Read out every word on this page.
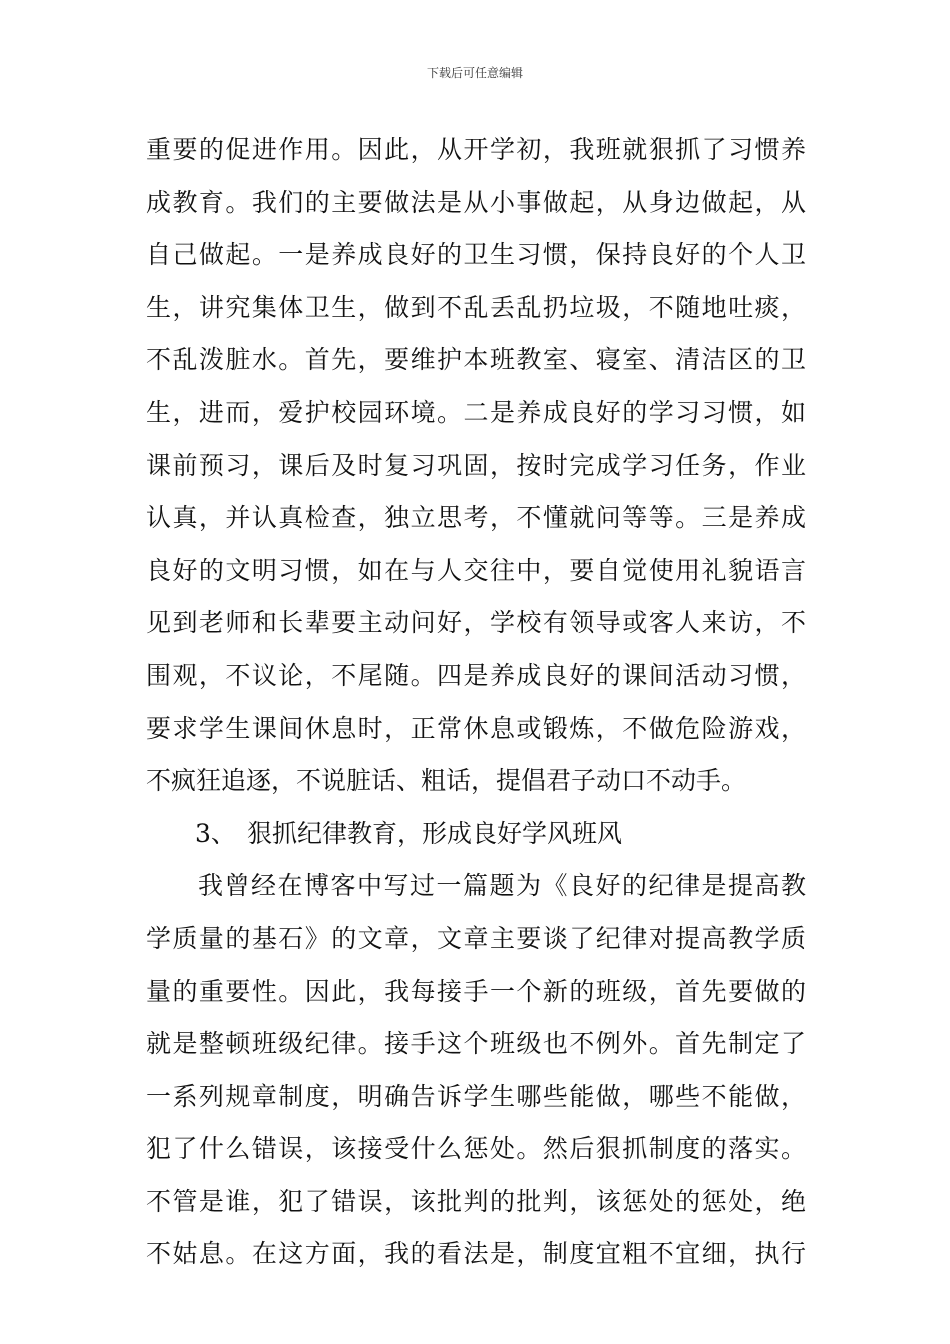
下载后可任意编辑
重要的促进作用。因此，从开学初，我班就狠抓了习惯养
成教育。我们的主要做法是从小事做起，从身边做起，从
自己做起。一是养成良好的卫生习惯，保持良好的个人卫
生，讲究集体卫生，做到不乱丢乱扔垃圾，不随地吐痰，
不乱泼脏水。首先，要维护本班教室、寝室、清洁区的卫
生，进而，爱护校园环境。二是养成良好的学习习惯，如
课前预习，课后及时复习巩固，按时完成学习任务，作业
认真，并认真检查，独立思考，不懂就问等等。三是养成
良好的文明习惯，如在与人交往中，要自觉使用礼貌语言
见到老师和长辈要主动问好，学校有领导或客人来访，不
围观，不议论，不尾随。四是养成良好的课间活动习惯，
要求学生课间休息时，正常休息或锻炼，不做危险游戏，
不疯狂追逐，不说脏话、粗话，提倡君子动口不动手。
3、 狠抓纪律教育，形成良好学风班风
我曾经在博客中写过一篇题为《良好的纪律是提高教
学质量的基石》的文章，文章主要谈了纪律对提高教学质
量的重要性。因此，我每接手一个新的班级，首先要做的
就是整顿班级纪律。接手这个班级也不例外。首先制定了
一系列规章制度，明确告诉学生哪些能做，哪些不能做，
犯了什么错误，该接受什么惩处。然后狠抓制度的落实。
不管是谁，犯了错误，该批判的批判，该惩处的惩处，绝
不姑息。在这方面，我的看法是，制度宜粗不宜细，执行
